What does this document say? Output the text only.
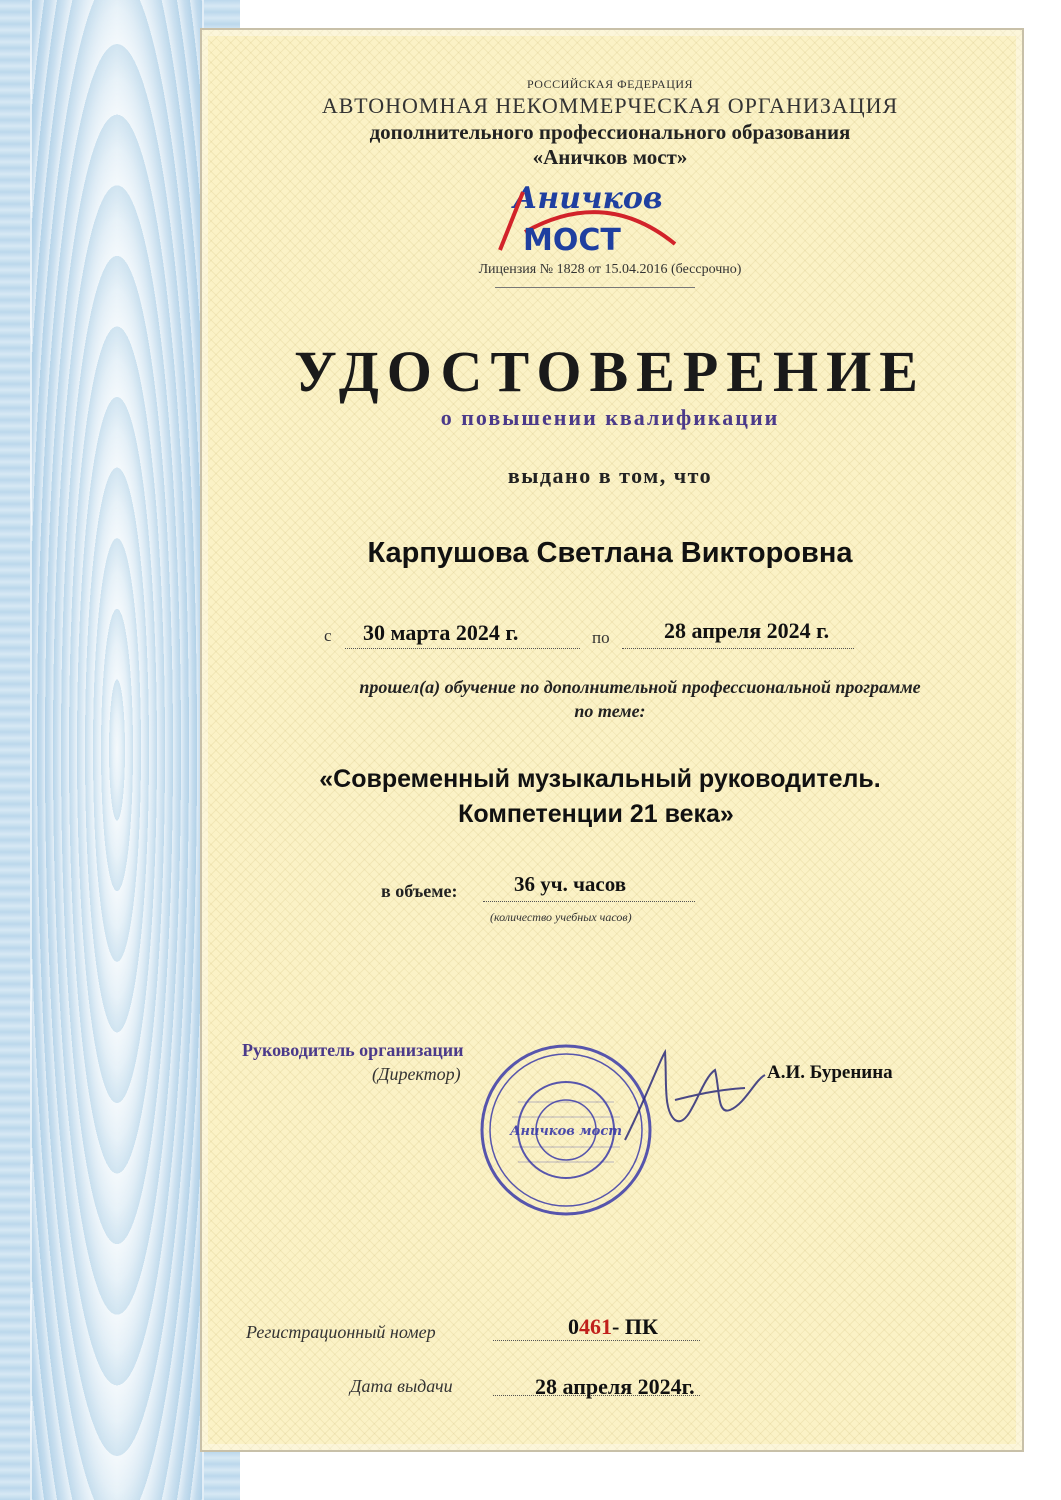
РОССИЙСКАЯ ФЕДЕРАЦИЯ
АВТОНОМНАЯ НЕКОММЕРЧЕСКАЯ ОРГАНИЗАЦИЯ
дополнительного профессионального образования
«Аничков мост»
Аничков
МОСТ
Лицензия № 1828 от 15.04.2016 (бессрочно)
УДОСТОВЕРЕНИЕ
о повышении квалификации
выдано в том, что
Карпушова Светлана Викторовна
с 30 марта 2024 г.	по 28 апреля 2024 г.
прошел(а) обучение по дополнительной профессиональной программе
по теме:
«Современный музыкальный руководитель.
Компетенции 21 века»
в объеме:	36 уч. часов
(количество учебных часов)
Руководитель организации
(Директор)
Аничков мост
А.И. Буренина
Регистрационный номер	0461- ПК
Дата выдачи	28 апреля 2024г.
